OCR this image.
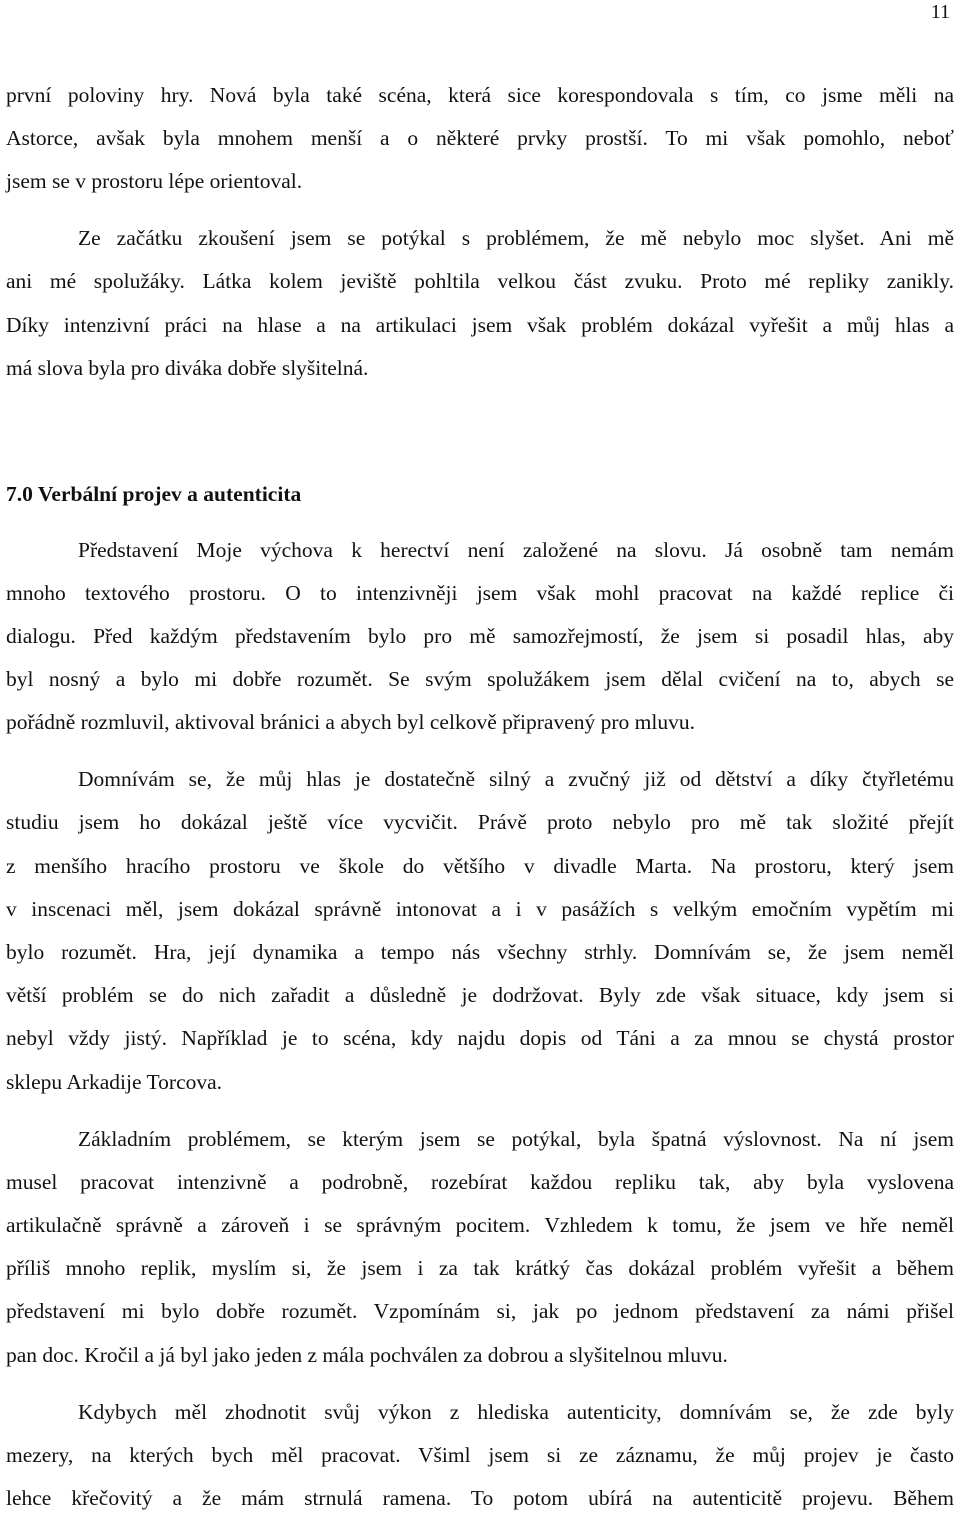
11
první poloviny hry. Nová byla také scéna, která sice korespondovala s tím, co jsme měli na
Astorce, avšak byla mnohem menší a o některé prvky prostší. To mi však pomohlo, neboť
jsem se v prostoru lépe orientoval.
Ze začátku zkoušení jsem se potýkal s problémem, že mě nebylo moc slyšet. Ani mě
ani mé spolužáky. Látka kolem jeviště pohltila velkou část zvuku. Proto mé repliky zanikly.
Díky intenzivní práci na hlase a na artikulaci jsem však problém dokázal vyřešit a můj hlas a
má slova byla pro diváka dobře slyšitelná.
7.0 Verbální projev a autenticita
Představení Moje výchova k herectví není založené na slovu. Já osobně tam nemám
mnoho textového prostoru. O to intenzivněji jsem však mohl pracovat na každé replice či
dialogu. Před každým představením bylo pro mě samozřejmostí, že jsem si posadil hlas, aby
byl nosný a bylo mi dobře rozumět. Se svým spolužákem jsem dělal cvičení na to, abych se
pořádně rozmluvil, aktivoval bránici a abych byl celkově připravený pro mluvu.
Domnívám se, že můj hlas je dostatečně silný a zvučný již od dětství a díky čtyřletému
studiu jsem ho dokázal ještě více vycvičit. Právě proto nebylo pro mě tak složité přejít
z menšího hracího prostoru ve škole do většího v divadle Marta. Na prostoru, který jsem
v inscenaci měl, jsem dokázal správně intonovat a i v pasážích s velkým emočním vypětím mi
bylo rozumět. Hra, její dynamika a tempo nás všechny strhly. Domnívám se, že jsem neměl
větší problém se do nich zařadit a důsledně je dodržovat. Byly zde však situace, kdy jsem si
nebyl vždy jistý. Například je to scéna, kdy najdu dopis od Táni a za mnou se chystá prostor
sklepu Arkadije Torcova.
Základním problémem, se kterým jsem se potýkal, byla špatná výslovnost. Na ní jsem
musel pracovat intenzivně a podrobně, rozebírat každou repliku tak, aby byla vyslovena
artikulačně správně a zároveň i se správným pocitem. Vzhledem k tomu, že jsem ve hře neměl
příliš mnoho replik, myslím si, že jsem i za tak krátký čas dokázal problém vyřešit a během
představení mi bylo dobře rozumět. Vzpomínám si, jak po jednom představení za námi přišel
pan doc. Kročil a já byl jako jeden z mála pochválen za dobrou a slyšitelnou mluvu.
Kdybych měl zhodnotit svůj výkon z hlediska autenticity, domnívám se, že zde byly
mezery, na kterých bych měl pracovat. Všiml jsem si ze záznamu, že můj projev je často
lehce křečovitý a že mám strnulá ramena. To potom ubírá na autenticitě projevu. Během
